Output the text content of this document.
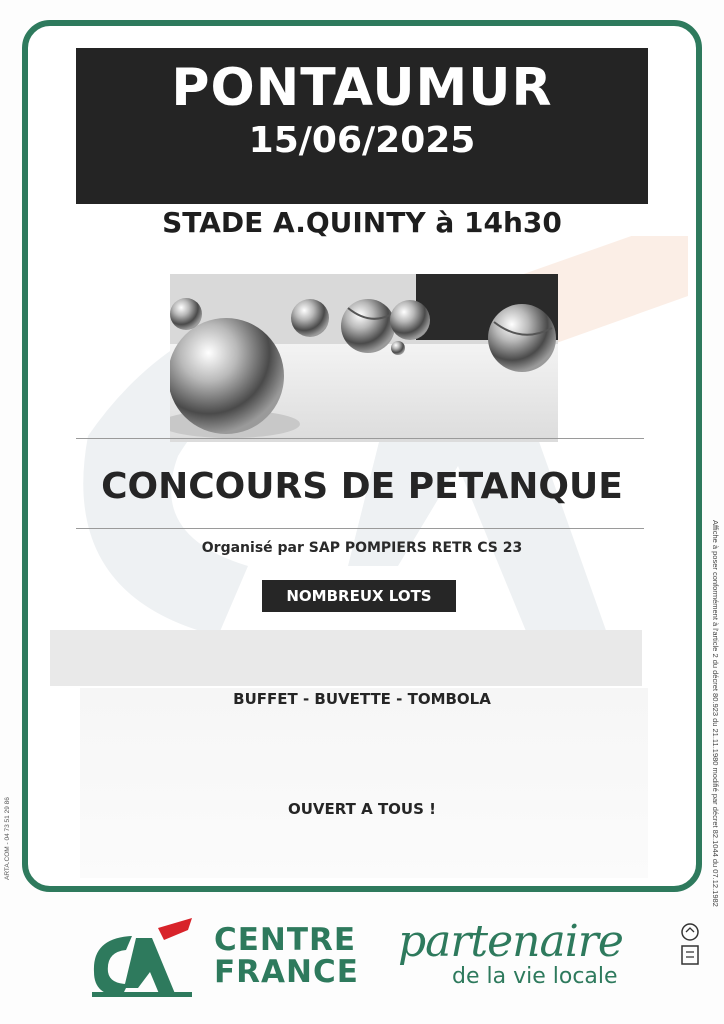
PONTAUMUR
15/06/2025
STADE A.QUINTY à 14h30
CONCOURS DE PETANQUE
Organisé par SAP POMPIERS RETR CS 23
NOMBREUX LOTS
BUFFET - BUVETTE - TOMBOLA
OUVERT A TOUS !	Affiche à poser conformément à l'article 2 du décret 80.923 du 21.11.1980 modifié par décret 82.1044 du 07.12.1982
ARTA.COM - 04 73 51 29 86
CENTRE
FRANCE
partenaire
de la vie locale
